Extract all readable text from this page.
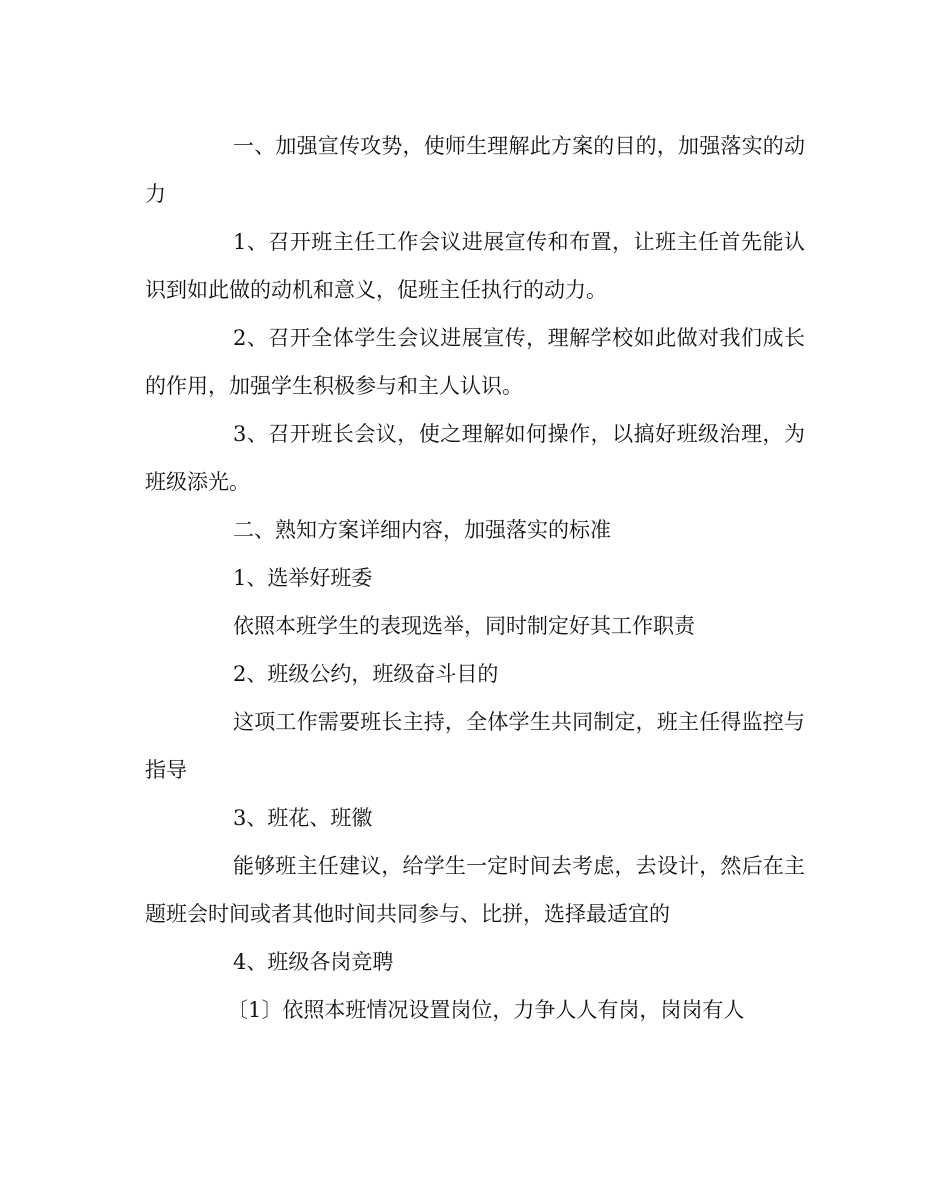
一、加强宣传攻势，使师生理解此方案的目的，加强落实的动力

1、召开班主任工作会议进展宣传和布置，让班主任首先能认识到如此做的动机和意义，促班主任执行的动力。

2、召开全体学生会议进展宣传，理解学校如此做对我们成长的作用，加强学生积极参与和主人认识。

3、召开班长会议，使之理解如何操作，以搞好班级治理，为班级添光。

二、熟知方案详细内容，加强落实的标准

1、选举好班委

依照本班学生的表现选举，同时制定好其工作职责

2、班级公约，班级奋斗目的

这项工作需要班长主持，全体学生共同制定，班主任得监控与指导

3、班花、班徽

能够班主任建议，给学生一定时间去考虑，去设计，然后在主题班会时间或者其他时间共同参与、比拼，选择最适宜的

4、班级各岗竞聘

〔1〕依照本班情况设置岗位，力争人人有岗，岗岗有人
